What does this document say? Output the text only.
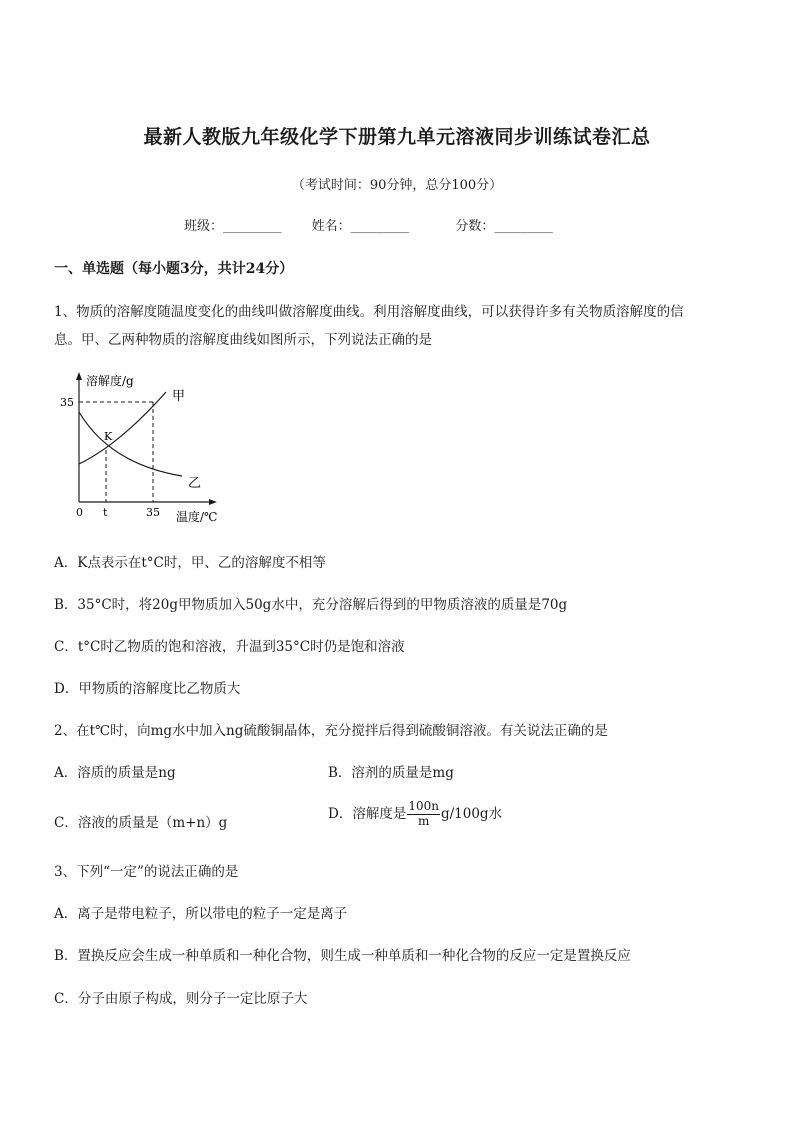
最新人教版九年级化学下册第九单元溶液同步训练试卷汇总
（考试时间：90分钟，总分100分）
班级：_________ 姓名：_________	分数：_________
一、单选题（每小题3分，共计24分）
1、物质的溶解度随温度变化的曲线叫做溶解度曲线。利用溶解度曲线，可以获得许多有关物质溶解度的信
息。甲、乙两种物质的溶解度曲线如图所示，下列说法正确的是
溶解度/g
35
0 t	35 温度/℃
K
甲
乙
A．K点表示在t°C时，甲、乙的溶解度不相等
B．35°C时，将20g甲物质加入50g水中，充分溶解后得到的甲物质溶液的质量是70g
C．t°C时乙物质的饱和溶液，升温到35°C时仍是饱和溶液
D．甲物质的溶解度比乙物质大
2、在t℃时，向mg水中加入ng硫酸铜晶体，充分搅拌后得到硫酸铜溶液。有关说法正确的是
A．溶质的质量是ng	B．溶剂的质量是mg
C．溶液的质量是（m+n）g
D．溶解度是 $\frac{100n}{m} g/100g$水
3、下列“一定”的说法正确的是
A．离子是带电粒子，所以带电的粒子一定是离子
B．置换反应会生成一种单质和一种化合物，则生成一种单质和一种化合物的反应一定是置换反应
C．分子由原子构成，则分子一定比原子大
